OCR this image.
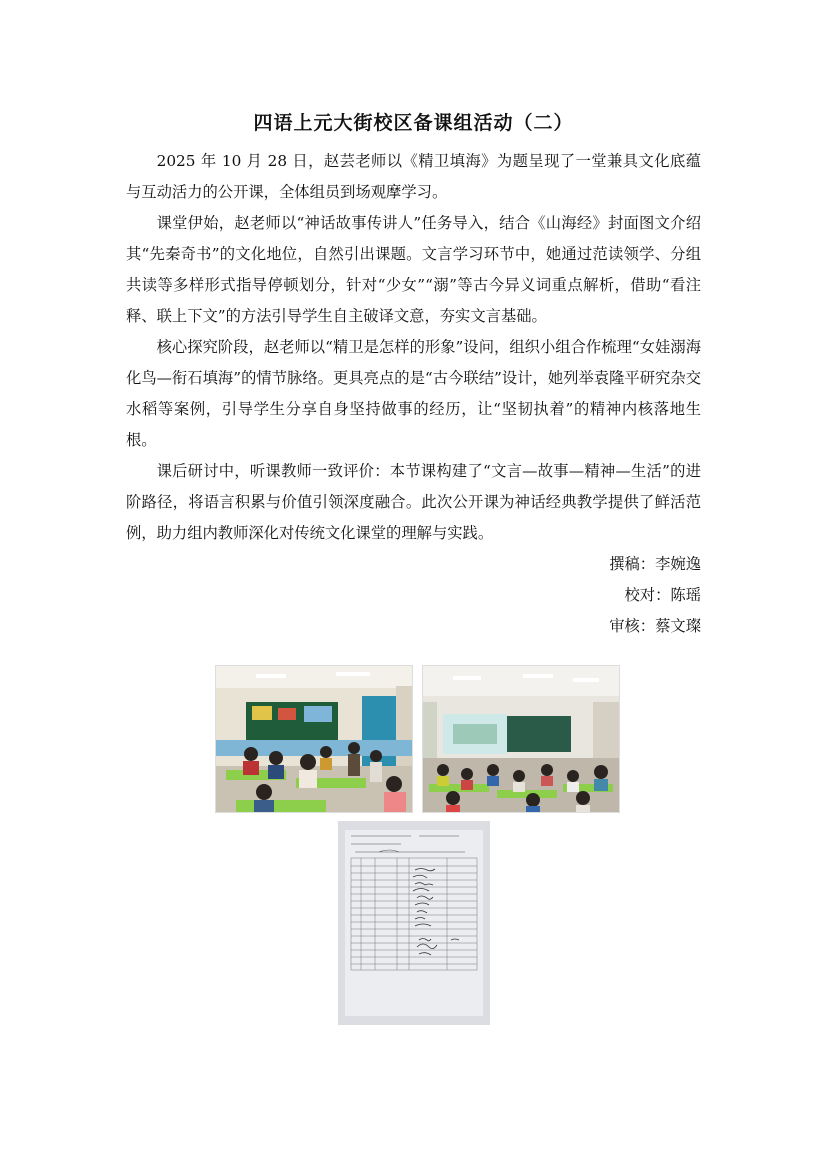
四语上元大街校区备课组活动（二）

2025 年 10 月 28 日，赵芸老师以《精卫填海》为题呈现了一堂兼具文化底蕴与互动活力的公开课，全体组员到场观摩学习。

课堂伊始，赵老师以“神话故事传讲人”任务导入，结合《山海经》封面图文介绍其“先秦奇书”的文化地位，自然引出课题。文言学习环节中，她通过范读领学、分组共读等多样形式指导停顿划分，针对“少女”“溺”等古今异义词重点解析，借助“看注释、联上下文”的方法引导学生自主破译文意，夯实文言基础。

核心探究阶段，赵老师以“精卫是怎样的形象”设问，组织小组合作梳理“女娃溺海化鸟—衔石填海”的情节脉络。更具亮点的是“古今联结”设计，她列举袁隆平研究杂交水稻等案例，引导学生分享自身坚持做事的经历，让“坚韧执着”的精神内核落地生根。

课后研讨中，听课教师一致评价：本节课构建了“文言—故事—精神—生活”的进阶路径，将语言积累与价值引领深度融合。此次公开课为神话经典教学提供了鲜活范例，助力组内教师深化对传统文化课堂的理解与实践。

撰稿：李婉逸
校对：陈瑶
审核：蔡文璨
